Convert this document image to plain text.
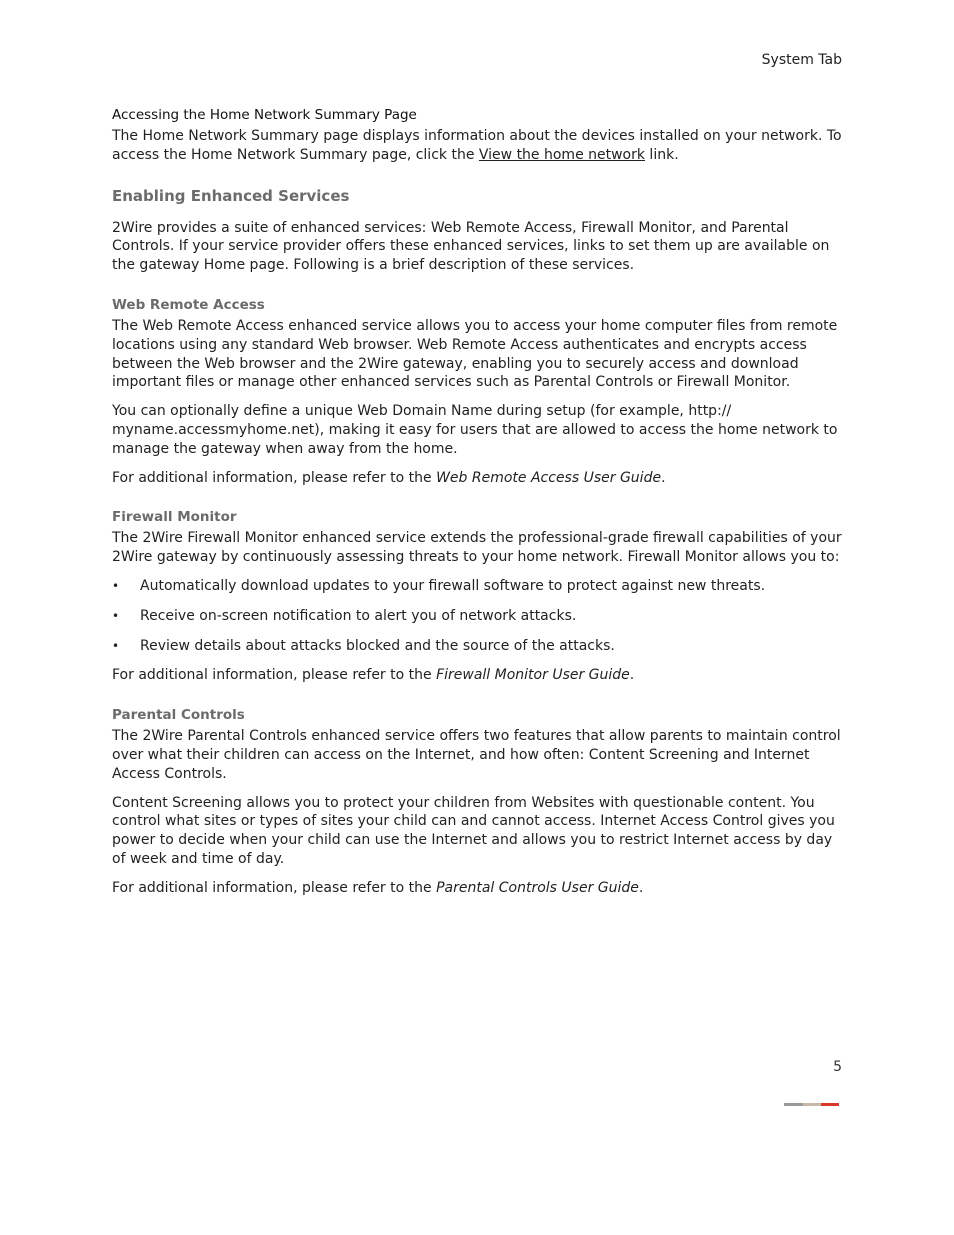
System Tab
Accessing the Home Network Summary Page

The Home Network Summary page displays information about the devices installed on your network. To access the Home Network Summary page, click the View the home network link.

Enabling Enhanced Services

2Wire provides a suite of enhanced services: Web Remote Access, Firewall Monitor, and Parental Controls. If your service provider offers these enhanced services, links to set them up are available on the gateway Home page. Following is a brief description of these services.

Web Remote Access

The Web Remote Access enhanced service allows you to access your home computer files from remote locations using any standard Web browser. Web Remote Access authenticates and encrypts access between the Web browser and the 2Wire gateway, enabling you to securely access and download important files or manage other enhanced services such as Parental Controls or Firewall Monitor.

You can optionally define a unique Web Domain Name during setup (for example, http:// myname.accessmyhome.net), making it easy for users that are allowed to access the home network to manage the gateway when away from the home.

For additional information, please refer to the Web Remote Access User Guide.

Firewall Monitor

The 2Wire Firewall Monitor enhanced service extends the professional-grade firewall capabilities of your 2Wire gateway by continuously assessing threats to your home network. Firewall Monitor allows you to:

• Automatically download updates to your firewall software to protect against new threats.
• Receive on-screen notification to alert you of network attacks.
• Review details about attacks blocked and the source of the attacks.

For additional information, please refer to the Firewall Monitor User Guide.

Parental Controls

The 2Wire Parental Controls enhanced service offers two features that allow parents to maintain control over what their children can access on the Internet, and how often: Content Screening and Internet Access Controls.

Content Screening allows you to protect your children from Websites with questionable content. You control what sites or types of sites your child can and cannot access. Internet Access Control gives you power to decide when your child can use the Internet and allows you to restrict Internet access by day of week and time of day.

For additional information, please refer to the Parental Controls User Guide.

5
